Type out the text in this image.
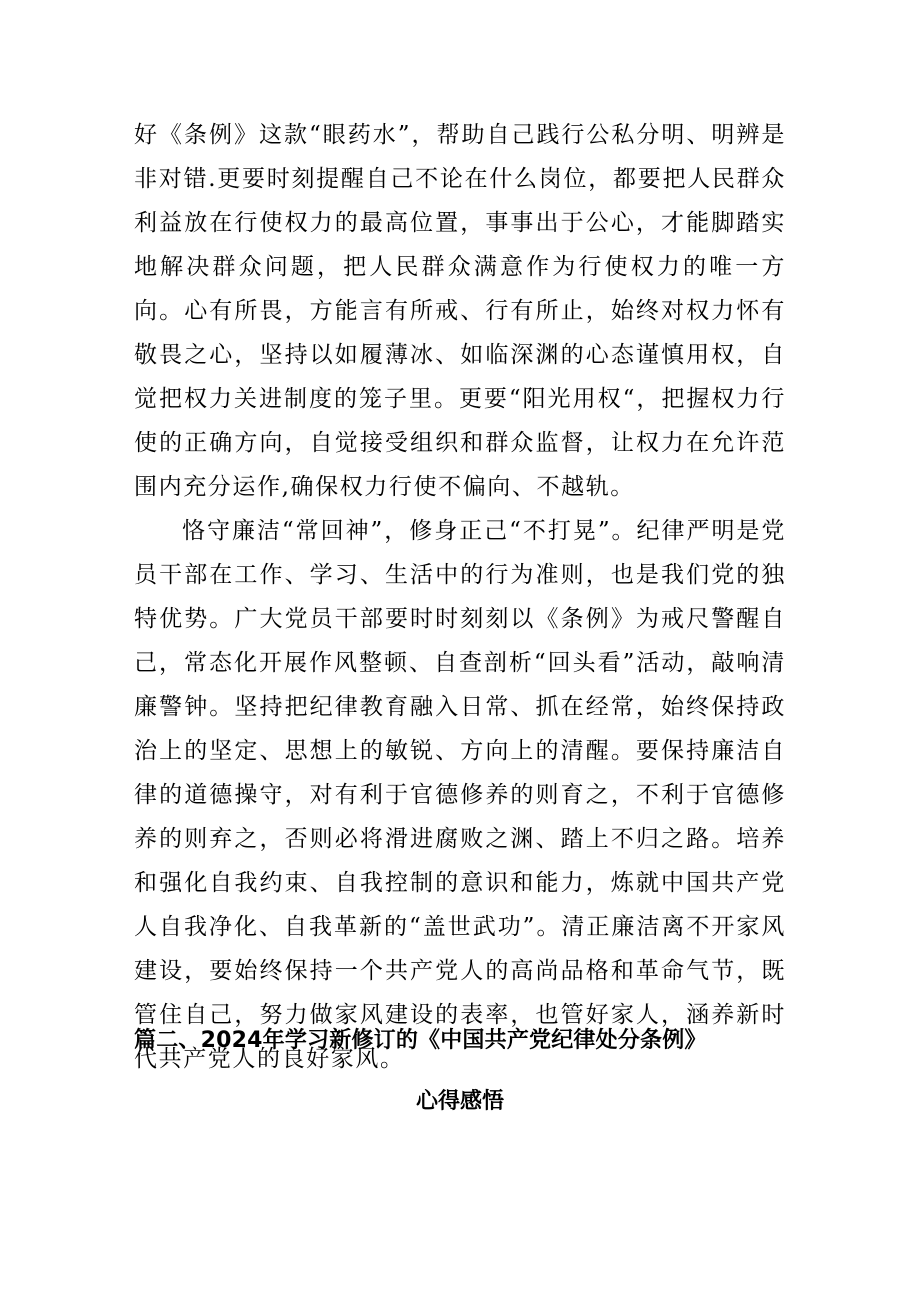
好《条例》这款“眼药水”，帮助自己践行公私分明、明辨是非对错.更要时刻提醒自己不论在什么岗位，都要把人民群众利益放在行使权力的最高位置，事事出于公心，才能脚踏实地解决群众问题，把人民群众满意作为行使权力的唯一方向。心有所畏，方能言有所戒、行有所止，始终对权力怀有敬畏之心，坚持以如履薄冰、如临深渊的心态谨慎用权，自觉把权力关进制度的笼子里。更要“阳光用权“，把握权力行使的正确方向，自觉接受组织和群众监督，让权力在允许范围内充分运作,确保权力行使不偏向、不越轨。

恪守廉洁“常回神”，修身正己“不打晃”。纪律严明是党员干部在工作、学习、生活中的行为准则，也是我们党的独特优势。广大党员干部要时时刻刻以《条例》为戒尺警醒自己，常态化开展作风整顿、自查剖析“回头看”活动，敲响清廉警钟。坚持把纪律教育融入日常、抓在经常，始终保持政治上的坚定、思想上的敏锐、方向上的清醒。要保持廉洁自律的道德操守，对有利于官德修养的则育之，不利于官德修养的则弃之，否则必将滑进腐败之渊、踏上不归之路。培养和强化自我约束、自我控制的意识和能力，炼就中国共产党人自我净化、自我革新的“盖世武功”。清正廉洁离不开家风建设，要始终保持一个共产党人的高尚品格和革命气节，既管住自己，努力做家风建设的表率，也管好家人，涵养新时代共产党人的良好家风。

篇二、2024年学习新修订的《中国共产党纪律处分条例》
心得感悟
